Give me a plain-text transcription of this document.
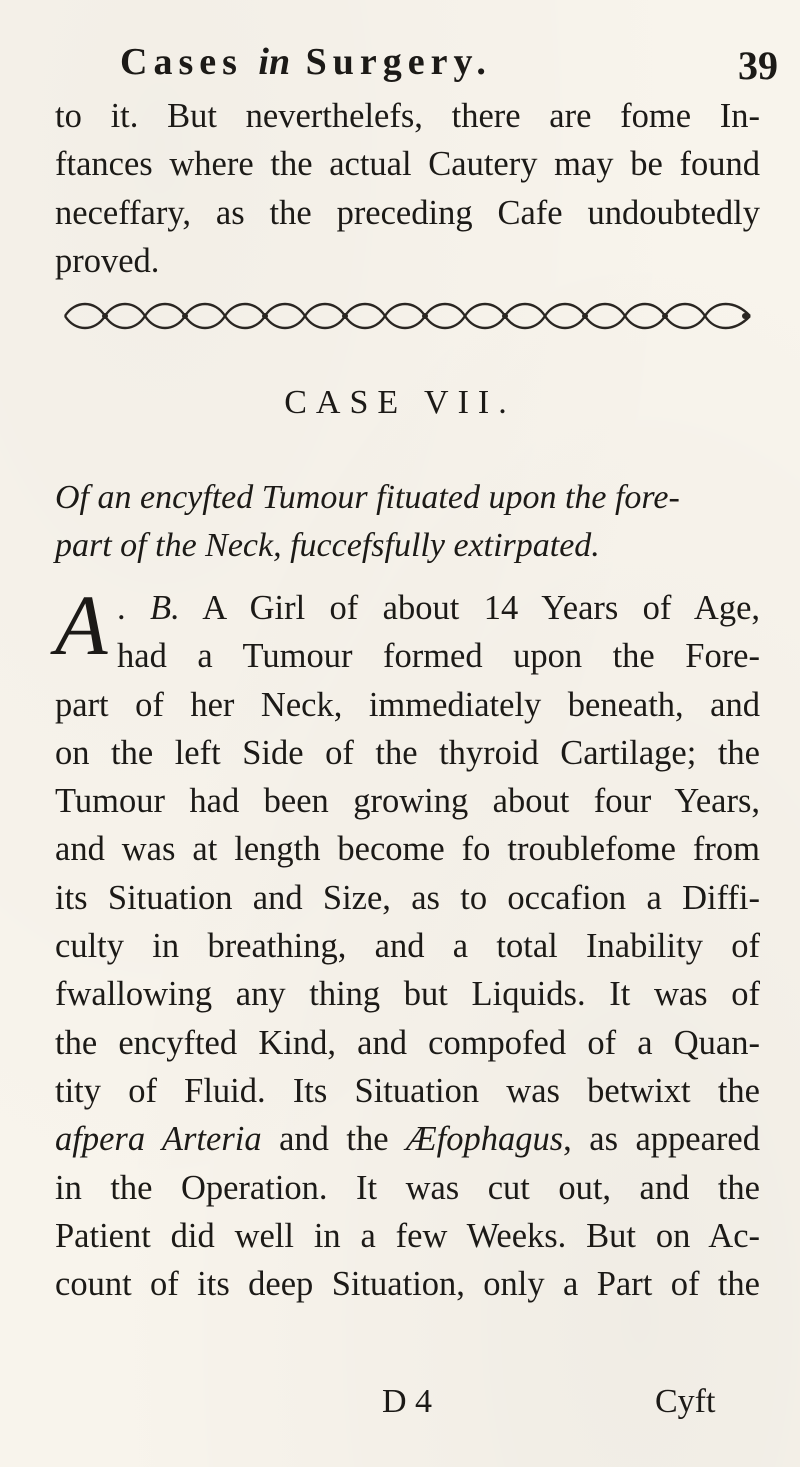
Cases in Surgery.	39
to it. But neverthelefs, there are fome In-
ftances where the actual Cautery may be found
neceffary, as the preceding Cafe undoubtedly
proved.
CASE VII.
Of an encyfted Tumour fituated upon the fore-
part of the Neck, fuccefsfully extirpated.
A . B. A Girl of about 14 Years of Age,
had a Tumour formed upon the Fore-
part of her Neck, immediately beneath, and
on the left Side of the thyroid Cartilage; the
Tumour had been growing about four Years,
and was at length become fo troublefome from
its Situation and Size, as to occafion a Diffi-
culty in breathing, and a total Inability of
fwallowing any thing but Liquids. It was of
the encyfted Kind, and compofed of a Quan-
tity of Fluid. Its Situation was betwixt the
afpera Arteria and the Æfophagus, as appeared
in the Operation. It was cut out, and the
Patient did well in a few Weeks. But on Ac-
count of its deep Situation, only a Part of the
D 4	Cyft
